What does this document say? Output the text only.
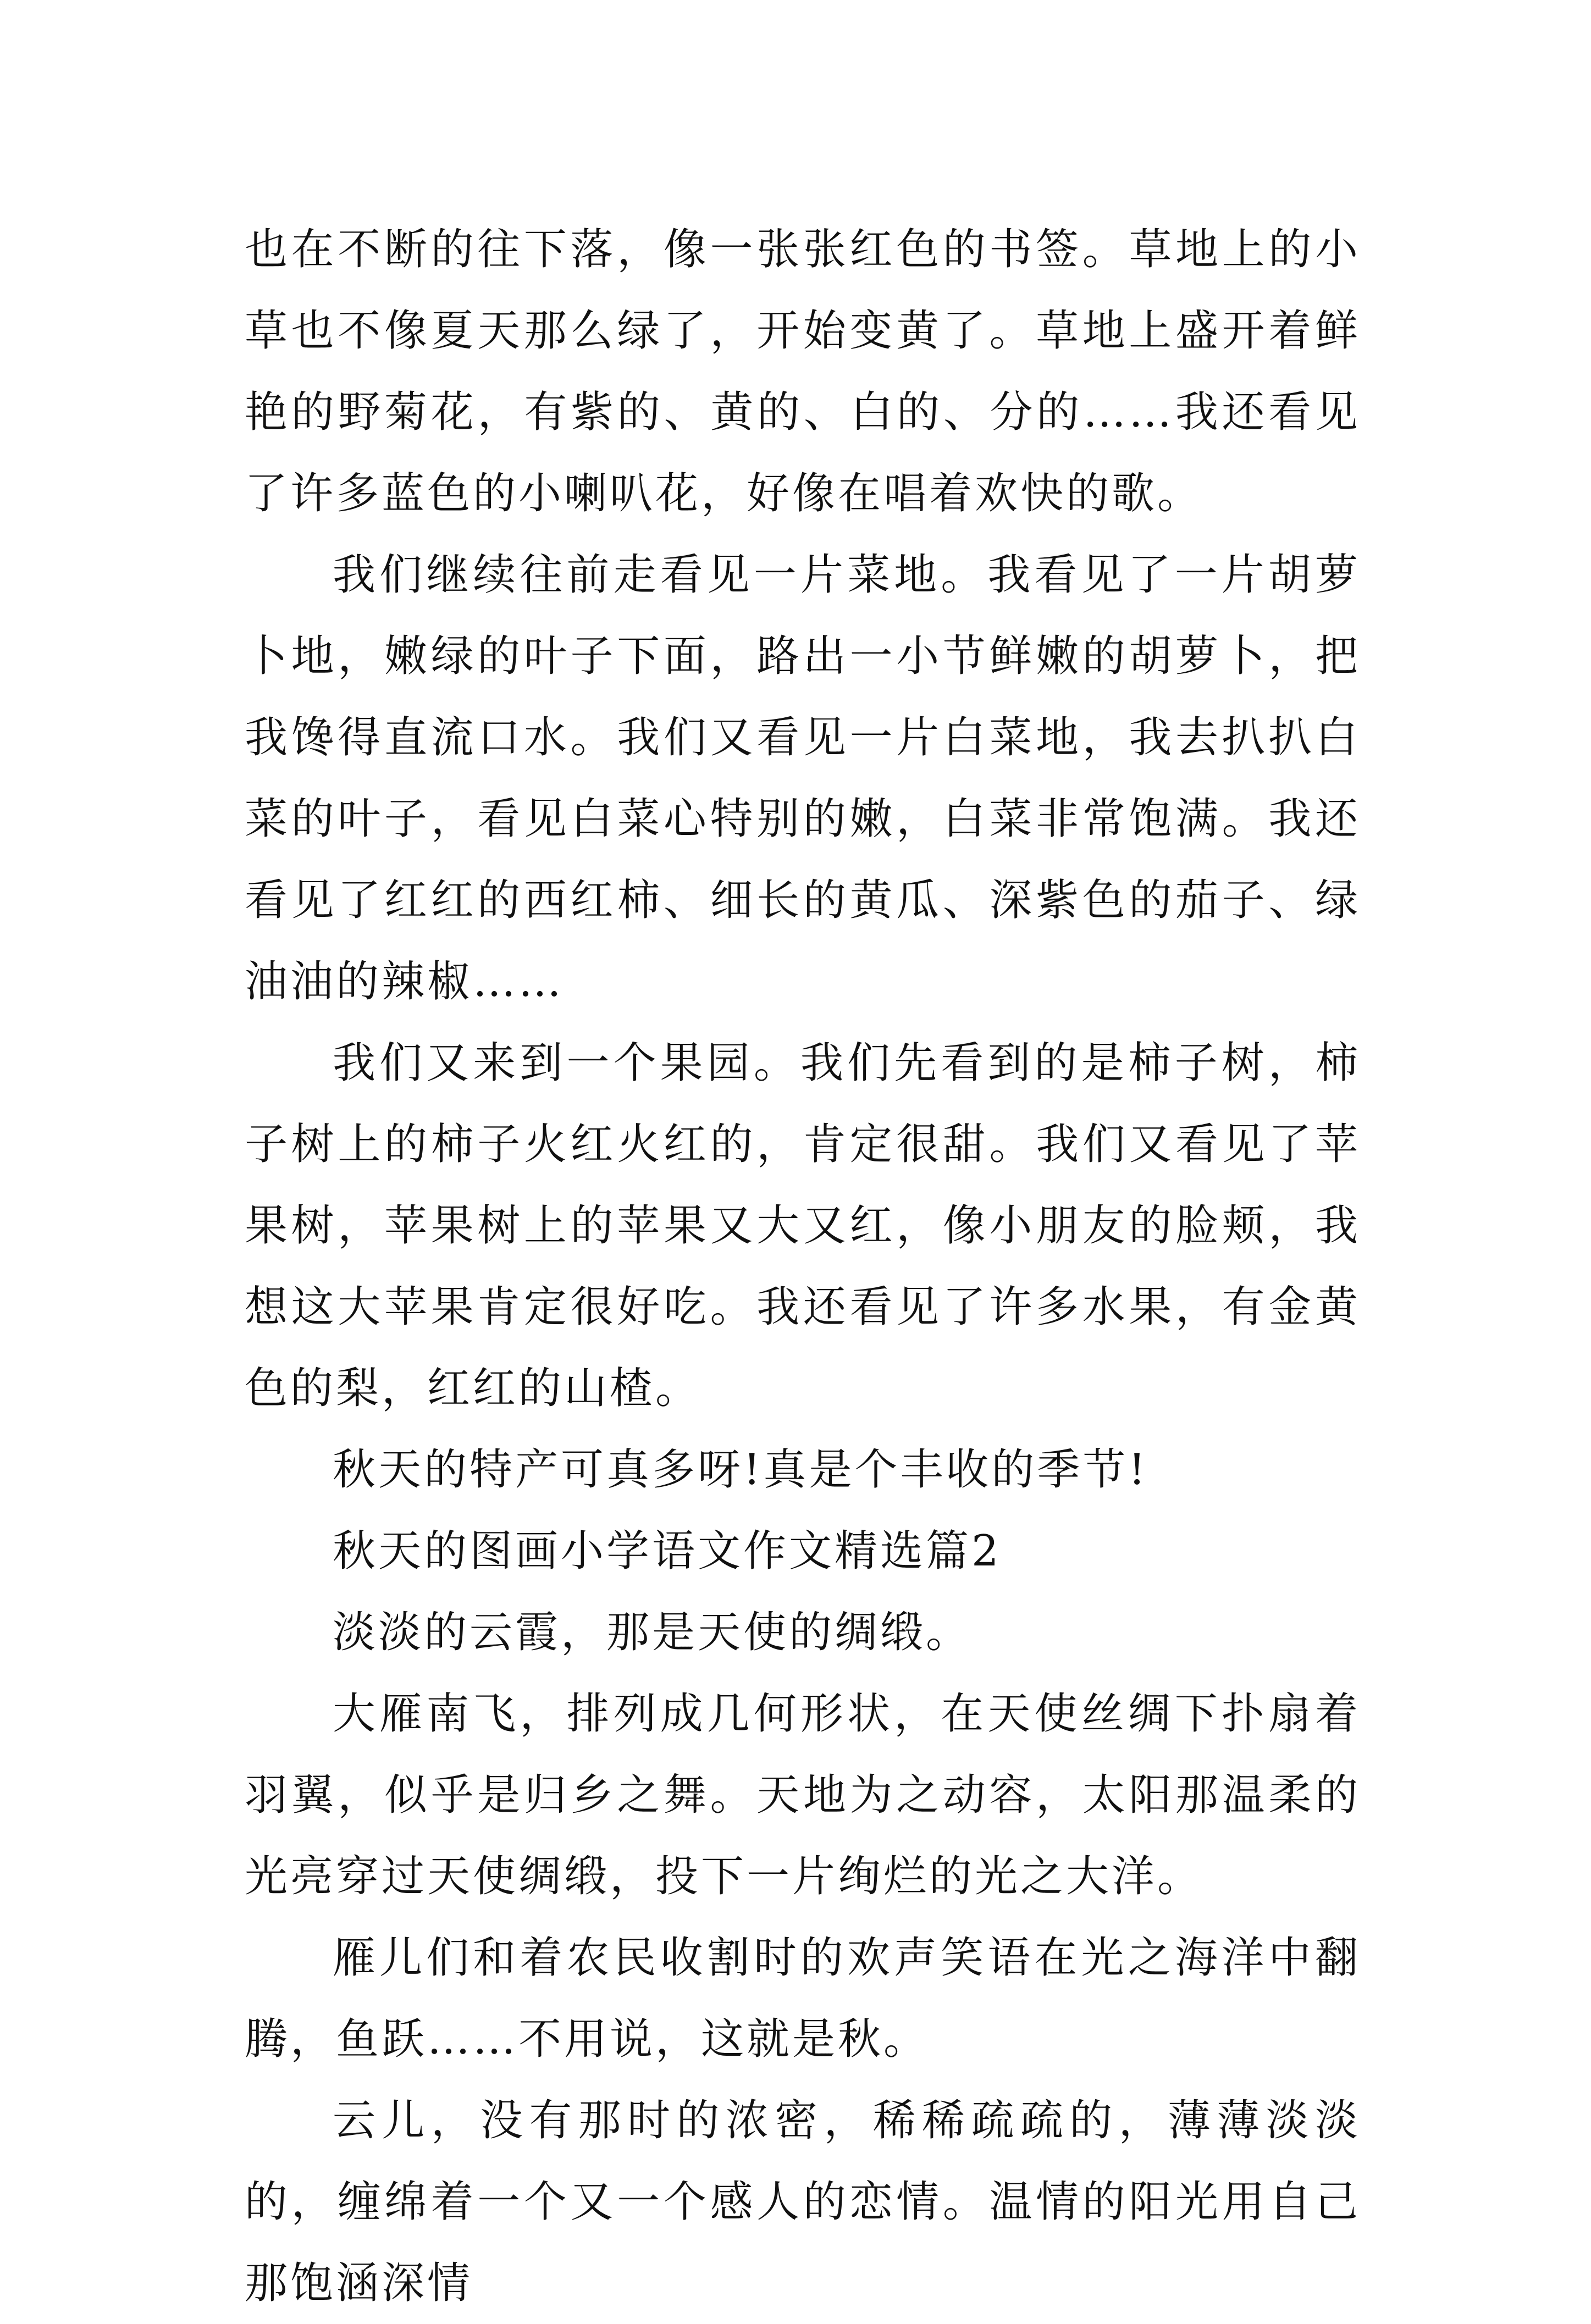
也在不断的往下落，像一张张红色的书签。草地上的小草也不像夏天那么绿了，开始变黄了。草地上盛开着鲜艳的野菊花，有紫的、黄的、白的、分的……我还看见了许多蓝色的小喇叭花，好像在唱着欢快的歌。

我们继续往前走看见一片菜地。我看见了一片胡萝卜地，嫩绿的叶子下面，路出一小节鲜嫩的胡萝卜，把我馋得直流口水。我们又看见一片白菜地，我去扒扒白菜的叶子，看见白菜心特别的嫩，白菜非常饱满。我还看见了红红的西红柿、细长的黄瓜、深紫色的茄子、绿油油的辣椒……

我们又来到一个果园。我们先看到的是柿子树，柿子树上的柿子火红火红的，肯定很甜。我们又看见了苹果树，苹果树上的苹果又大又红，像小朋友的脸颊，我想这大苹果肯定很好吃。我还看见了许多水果，有金黄色的梨，红红的山楂。

秋天的特产可真多呀!真是个丰收的季节!

秋天的图画小学语文作文精选篇2

淡淡的云霞，那是天使的绸缎。

大雁南飞，排列成几何形状，在天使丝绸下扑扇着羽翼，似乎是归乡之舞。天地为之动容，太阳那温柔的光亮穿过天使绸缎，投下一片绚烂的光之大洋。

雁儿们和着农民收割时的欢声笑语在光之海洋中翻腾，鱼跃……不用说，这就是秋。

云儿，没有那时的浓密，稀稀疏疏的，薄薄淡淡的，缠绵着一个又一个感人的恋情。温情的阳光用自己那饱涵深情
